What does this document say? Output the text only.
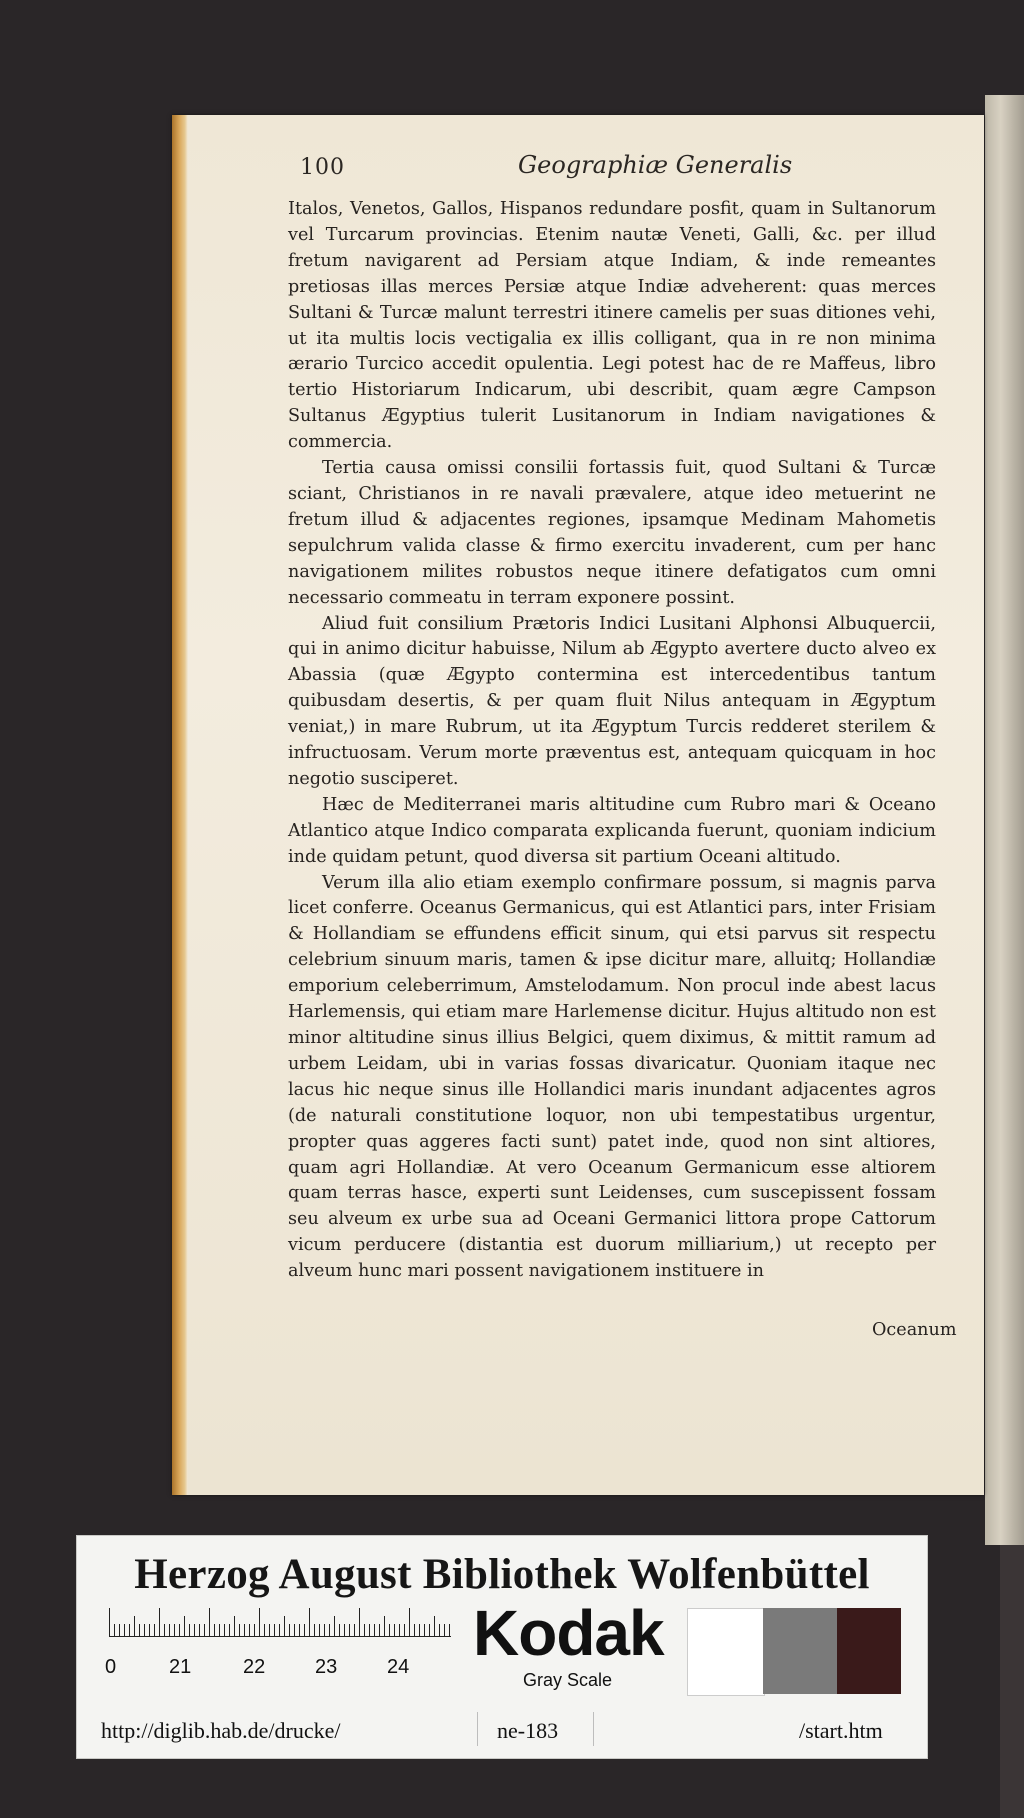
100	Geographiæ Generalis

Italos, Venetos, Gallos, Hispanos redundare posfit, quam in Sultanorum vel Turcarum provincias. Etenim nautæ Veneti, Galli, &c. per illud fretum navigarent ad Persiam atque Indiam, & inde remeantes pretiosas illas merces Persiæ atque Indiæ adveherent: quas merces Sultani & Turcæ malunt terrestri itinere camelis per suas ditiones vehi, ut ita multis locis vectigalia ex illis colligant, qua in re non minima ærario Turcico accedit opulentia. Legi potest hac de re Maffeus, libro tertio Historiarum Indicarum, ubi describit, quam ægre Campson Sultanus Ægyptius tulerit Lusitanorum in Indiam navigationes & commercia.

Tertia causa omissi consilii fortassis fuit, quod Sultani & Turcæ sciant, Christianos in re navali prævalere, atque ideo metuerint ne fretum illud & adjacentes regiones, ipsamque Medinam Mahometis sepulchrum valida classe & firmo exercitu invaderent, cum per hanc navigationem milites robustos neque itinere defatigatos cum omni necessario commeatu in terram exponere possint.

Aliud fuit consilium Prætoris Indici Lusitani Alphonsi Albuquercii, qui in animo dicitur habuisse, Nilum ab Ægypto avertere ducto alveo ex Abassia (quæ Ægypto contermina est intercedentibus tantum quibusdam desertis, & per quam fluit Nilus antequam in Ægyptum veniat,) in mare Rubrum, ut ita Ægyptum Turcis redderet sterilem & infructuosam. Verum morte præventus est, antequam quicquam in hoc negotio susciperet.

Hæc de Mediterranei maris altitudine cum Rubro mari & Oceano Atlantico atque Indico comparata explicanda fuerunt, quoniam indicium inde quidam petunt, quod diversa sit partium Oceani altitudo.

Verum illa alio etiam exemplo confirmare possum, si magnis parva licet conferre. Oceanus Germanicus, qui est Atlantici pars, inter Frisiam & Hollandiam se effundens efficit sinum, qui etsi parvus sit respectu celebrium sinuum maris, tamen & ipse dicitur mare, alluitq; Hollandiæ emporium celeberrimum, Amstelodamum. Non procul inde abest lacus Harlemensis, qui etiam mare Harlemense dicitur. Hujus altitudo non est minor altitudine sinus illius Belgici, quem diximus, & mittit ramum ad urbem Leidam, ubi in varias fossas divaricatur. Quoniam itaque nec lacus hic neque sinus ille Hollandici maris inundant adjacentes agros (de naturali constitutione loquor, non ubi tempestatibus urgentur, propter quas aggeres facti sunt) patet inde, quod non sint altiores, quam agri Hollandiæ. At vero Oceanum Germanicum esse altiorem quam terras hasce, experti sunt Leidenses, cum suscepissent fossam seu alveum ex urbe sua ad Oceani Germanici littora prope Cattorum vicum perducere (distantia est duorum milliarium,) ut recepto per alveum hunc mari possent navigationem instituere in

Oceanum
Herzog August Bibliothek Wolfenbüttel
0	21	22 23 24 Kodak
Gray Scale
http://diglib.hab.de/drucke/	ne-183	/start.htm
